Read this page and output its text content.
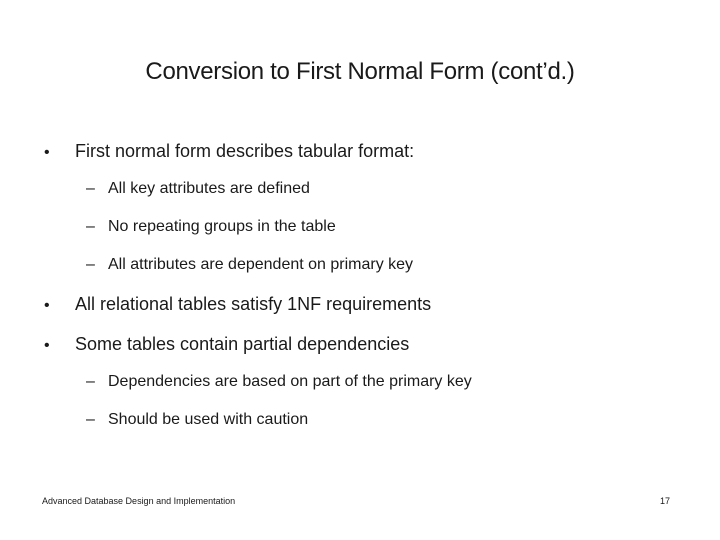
Conversion to First Normal Form (cont’d.)
• First normal form describes tabular format:
– All key attributes are defined
– No repeating groups in the table
– All attributes are dependent on primary key
• All relational tables satisfy 1NF requirements
• Some tables contain partial dependencies
– Dependencies are based on part of the primary key
– Should be used with caution
Advanced Database Design and Implementation	17
